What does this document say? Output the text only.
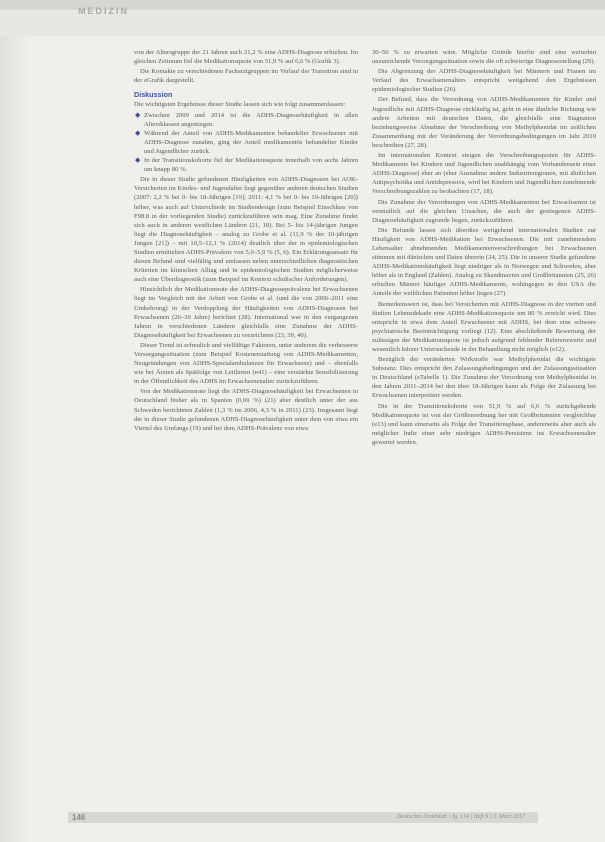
MEDIZIN

von der Altersgruppe der 21 Jahren auch 21,2 % eine ADHS-Diagnose erhielten. Im gleichen Zeitraum fiel die Medikationsquote von 51,9 % auf 6,6 % (Grafik 3).

Die Kontakte zu verschiedenen Facharztgruppen im Verlauf der Transition sind in der eGrafik dargestellt.

Diskussion

Die wichtigsten Ergebnisse dieser Studie lassen sich wie folgt zusammenfassen:

◆ Zwischen 2009 und 2014 ist die ADHS-Diagnosehäufigkeit in allen Altersklassen angestiegen.
◆ Während der Anteil von ADHS-Medikamenten behandelter Erwachsener mit ADHS-Diagnose zunahm, ging der Anteil medikamentös behandelter Kinder und Jugendlicher zurück.
◆ In der Transitionskohorte fiel der Medikationsquote innerhalb von sechs Jahren um knapp 80 %.

Die in dieser Studie gefundenen Häufigkeiten von ADHS-Diagnosen bei AOK-Versicherten im Kindes- und Jugendalter liegt gegenüber anderen deutschen Studien (2007: 2,2 % bei 0- bis 18-Jährigen [19]; 2011: 4,1 % bei 0- bis 19-Jährigen [20]) höher, was auch auf Unterschiede im Studiendesign (zum Beispiel Einschluss von F98.8 in der vorliegenden Studie) zurückzuführen sein mag. Eine Zunahme findet sich auch in anderen westlichen Ländern (21, 18). Bei 5- bis 14-jährigen Jungen liegt die Diagnosehäufigkeit – analog zu Grobe et al. (11,9 % der 10-jährigen Jungen [21]) – mit 10,5–12,1 % (2014) deutlich über der in epidemiologischen Studien ermittelten ADHS-Prävalenz von 5,0–5,9 % (5, 6). Ein Erklärungsansatz für diesen Befund sind vielfältig und umfassen neben unterschiedlichen diagnostischen Kriterien im klinischen Alltag und in epidemiologischen Studien möglicherweise auch eine Überdiagnostik (zum Beispiel im Kontext schulischer Anforderungen).

Hinsichtlich der Medikationsrate der ADHS-Diagnoseprävalenz bei Erwachsenen liegt im Vergleich mit der Arbeit von Grobe et al. (und die von 2006–2011 eine Umkehrung) in der Verdopplung der Häufigkeiten von ADHS-Diagnosen bei Erwachsenen (26–30 Jahre) berichtet (28). International war in den vergangenen Jahren in verschiedenen Ländern gleichfalls eine Zunahme der ADHS-Diagnosehäufigkeit bei Erwachsenen zu verzeichnen (23, 39, 40).

Dieser Trend ist erfreulich und vielfältige Faktoren, unter anderem die verbesserte Versorgungssituation (zum Beispiel Kostenerstattung von ADHS-Medikamenten, Neugründungen von ADHS-Spezialambulanzen für Erwachsene) und – ebenfalls wie bei Ärzten als Spätfolge von Leitlinien (n41) – eine verstärkte Sensibilisierung in der Öffentlichkeit des ADHS im Erwachsenenalter zurückzuführen.

Von der Medikationsrate liegt die ADHS-Diagnosehäufigkeit bei Erwachsenen in Deutschland bisher als in Spanien (0,69 %) (21) aber deutlich unter der aus Schweden berichteten Zahlen (1,3 % im 2006, 4,3 % in 2011) (23). Insgesamt liegt die in dieser Studie gefundenen ADHS-Diagnosehäufigkeit unter dem von etwa ein Viertel des Umfangs (19) und bei dem ADHS-Prävalenz von etwa

30–50 % zu erwarten wäre. Mögliche Gründe hierfür sind eine weiterhin unzureichende Versorgungssituation sowie die oft schwierige Diagnosestellung (29).

Die Abgrenzung der ADHS-Diagnosehäufigkeit bei Männern und Frauen im Verlauf des Erwachsenenalters entspricht weitgehend den Ergebnissen epidemiologischer Studien (26).

Der Befund, dass die Verordnung von ADHS-Medikamenten für Kinder und Jugendliche mit ADHS-Diagnose rückläufig ist, geht in eine ähnliche Richtung wie andere Arbeiten mit deutschen Daten, die gleichfalls eine Stagnation beziehungsweise Abnahme der Verschreibung von Methylphenidat im zeitlichen Zusammenhang mit der Veränderung der Verordnungsbedingungen im Jahr 2010 beschreiben (27, 28).

Im internationalen Kontext steigen die Verschreibungsquoten für ADHS-Medikamente bei Kindern und Jugendlichen unabhängig vom Vorhandensein einer ADHS-Diagnose) eher an (eher Ausnahme andere Industrieregionen, mit ähnlichen Antipsychotika und Antidepressiva, wird bei Kindern und Jugendlichen zunehmende Verschreibungszahlen zu beobachten (17, 18).

Die Zunahme der Verordnungen von ADHS-Medikamenten bei Erwachsenen ist vermutlich auf die gleichen Ursachen, die auch der gestiegenen ADHS-Diagnosehäufigkeit zugrunde liegen, zurückzuführen.

Die Befunde lassen sich überdies weitgehend internationalen Studien zur Häufigkeit von ADHS-Medikation bei Erwachsenen. Die mit zunehmendem Lebensalter abnehmenden Medikamentenverschreibungen bei Erwachsenen stimmen mit dänischen und Daten überein (24, 25). Die in unserer Studie gefundene ADHS-Medikationshäufigkeit liegt niedriger als in Norwegen und Schweden, aber höher als in England (Zahlen). Analog zu Skandinavien und Großbritannien (25, 26) erhielten Männer häufiger ADHS-Medikamente, wohingegen in den USA die Anteile der weiblichen Patienten höher liegen (27).

Bemerkenswert ist, dass bei Versicherten mit ADHS-Diagnose in der vierten und fünften Lebensdekade eine ADHS-Medikationsquote um 80 % erreicht wird. Dies entspricht in etwa dem Anteil Erwachsener mit ADHS, bei dem eine schwere psychiatrische Beeinträchtigung vorliegt (12). Eine abschließende Bewertung der zulässigen der Medikationsquote ist jedoch aufgrund fehlender Referenzwerte und wesentlich kürzer Untersuchende in der Behandlung nicht möglich (e12).

Bezüglich der veränderten Wirkstoffe war Methylphenidat die wichtigste Substanz. Dies entspricht den Zulassungsbedingungen und der Zulassungssituation in Deutschland (eTabelle 1). Die Zunahme der Verordnung von Methylphenidat in den Jahren 2011–2014 bei den über 18-Jährigen kann als Folge der Zulassung bei Erwachsenen interpretiert werden.

Die in der Transitionskohorte von 51,9 % auf 6,6 % zurückgehende Medikationsquote ist von der Größenordnung her mit Großbritannien vergleichbar (e13) und kann einerseits als Folge der Transitionsphase, andererseits aber auch als möglicher Indiz einer sehr niedrigen ADHS-Persistenz ins Erwachsenenalter gewertet werden.

146	Deutsches Ärzteblatt | Jg. 114 | Heft 9 | 3. März 2017
